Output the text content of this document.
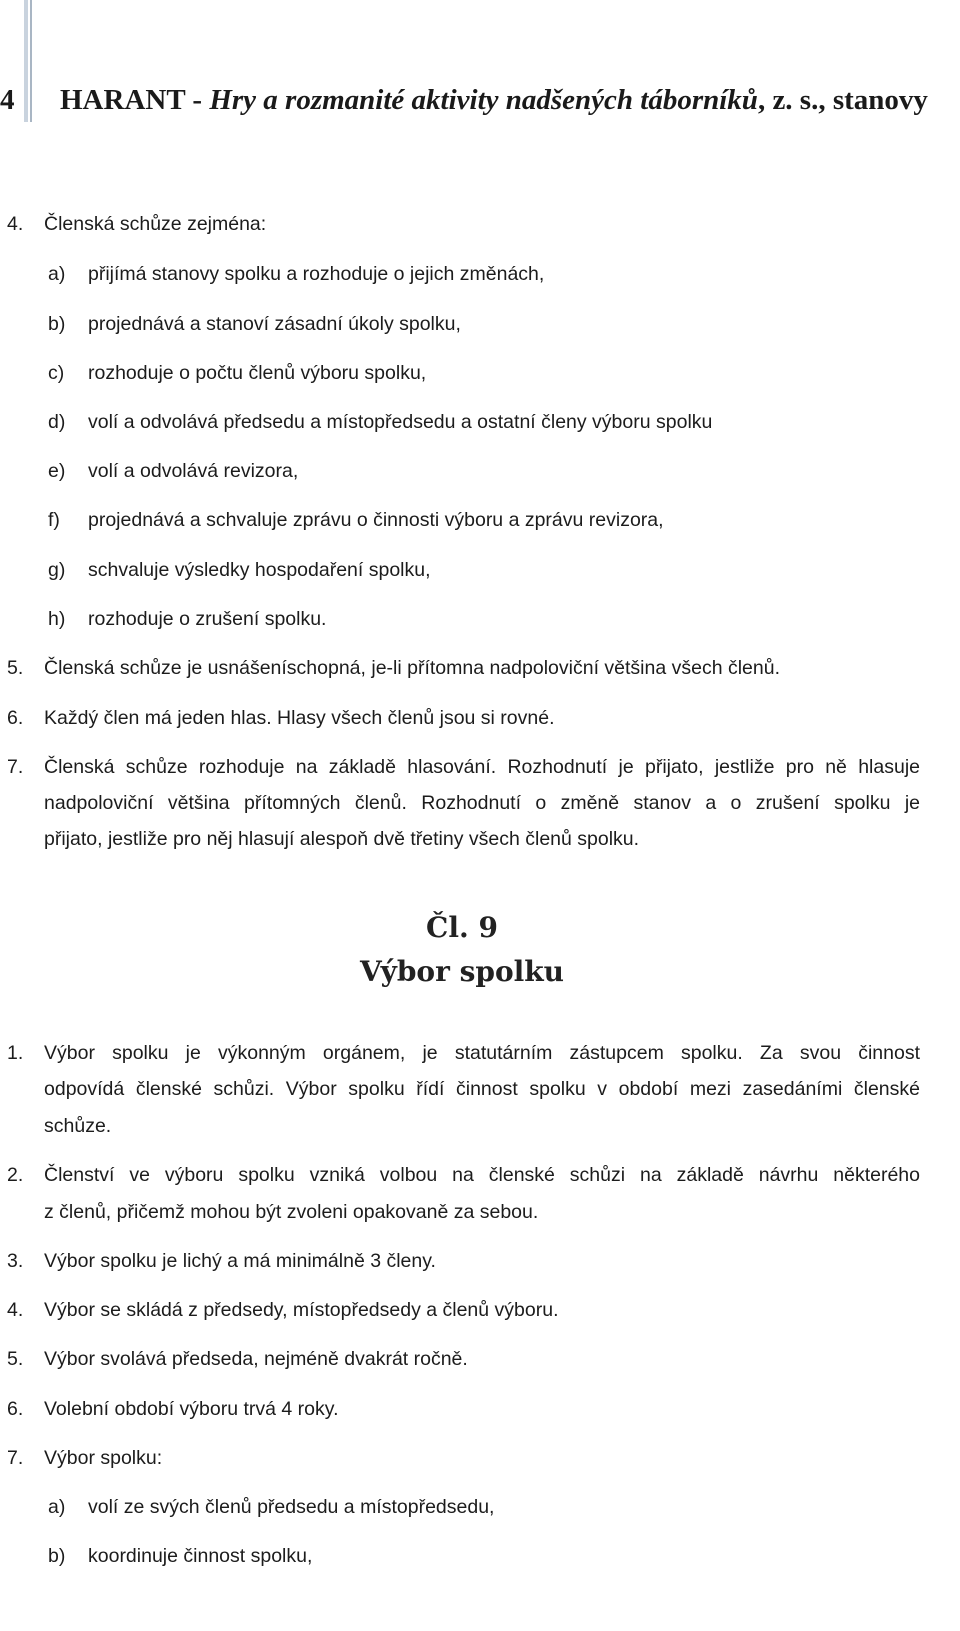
4 HARANT - Hry a rozmanité aktivity nadšených táborníků, z. s., stanovy
4. Členská schůze zejména:
a) přijímá stanovy spolku a rozhoduje o jejich změnách,
b) projednává a stanoví zásadní úkoly spolku,
c) rozhoduje o počtu členů výboru spolku,
d) volí a odvolává předsedu a místopředsedu a ostatní členy výboru spolku
e) volí a odvolává revizora,
f) projednává a schvaluje zprávu o činnosti výboru a zprávu revizora,
g) schvaluje výsledky hospodaření spolku,
h) rozhoduje o zrušení spolku.
5. Členská schůze je usnášeníschopná, je-li přítomna nadpoloviční většina všech členů.
6. Každý člen má jeden hlas. Hlasy všech členů jsou si rovné.
7. Členská schůze rozhoduje na základě hlasování. Rozhodnutí je přijato, jestliže pro ně hlasuje
nadpoloviční většina přítomných členů. Rozhodnutí o změně stanov a o zrušení spolku je
přijato, jestliže pro něj hlasují alespoň dvě třetiny všech členů spolku.
Čl. 9
Výbor spolku
1. Výbor spolku je výkonným orgánem, je statutárním zástupcem spolku. Za svou činnost
odpovídá členské schůzi. Výbor spolku řídí činnost spolku v období mezi zasedáními členské
schůze.
2. Členství ve výboru spolku vzniká volbou na členské schůzi na základě návrhu některého
z členů, přičemž mohou být zvoleni opakovaně za sebou.
3. Výbor spolku je lichý a má minimálně 3 členy.
4. Výbor se skládá z předsedy, místopředsedy a členů výboru.
5. Výbor svolává předseda, nejméně dvakrát ročně.
6. Volební období výboru trvá 4 roky.
7. Výbor spolku:
a) volí ze svých členů předsedu a místopředsedu,
b) koordinuje činnost spolku,
